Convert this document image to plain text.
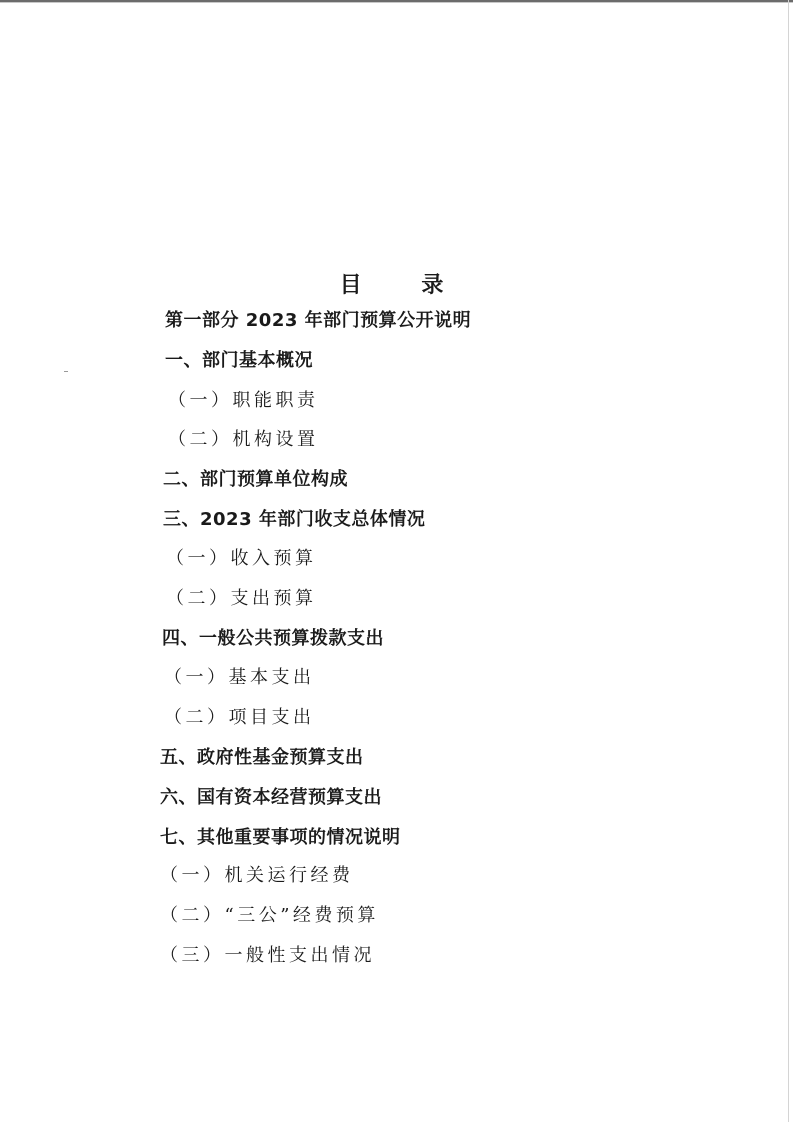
目 录
第一部分 2023 年部门预算公开说明
一、部门基本概况
（一）职能职责
（二）机构设置
二、部门预算单位构成
三、2023 年部门收支总体情况
（一）收入预算
（二）支出预算
四、一般公共预算拨款支出
（一）基本支出
（二）项目支出
五、政府性基金预算支出
六、国有资本经营预算支出
七、其他重要事项的情况说明
（一）机关运行经费
（二）“三公”经费预算
（三）一般性支出情况
